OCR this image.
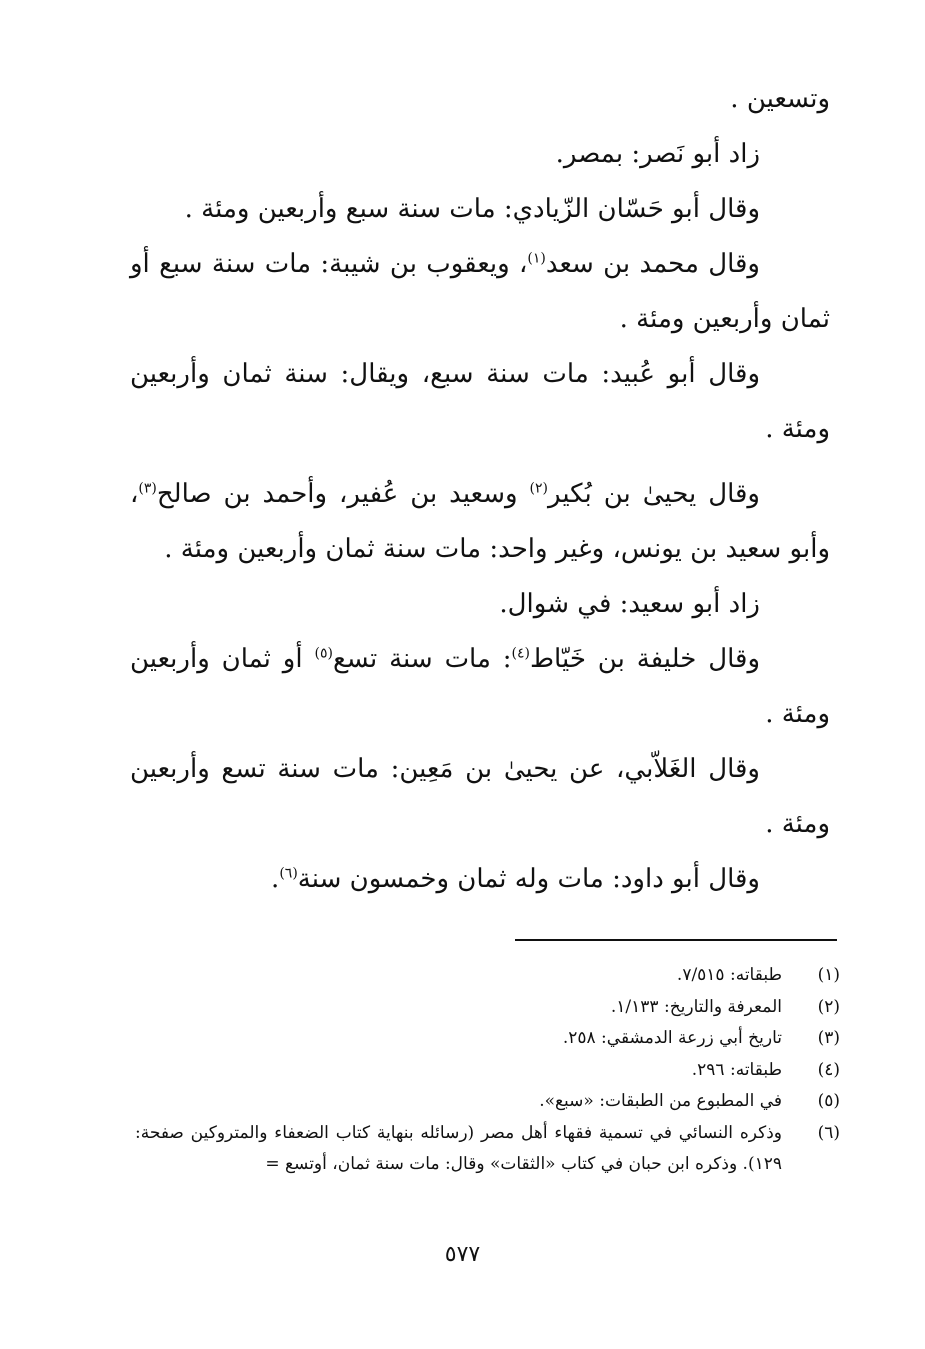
وتسعين .

زاد أبو نَصر: بمصر.

وقال أبو حَسّان الزّيادي: مات سنة سبع وأربعين ومئة .

وقال محمد بن سعد$^{(١)}$، ويعقوب بن شيبة: مات سنة سبع أو ثمان وأربعين ومئة .

وقال أبو عُبيد: مات سنة سبع، ويقال: سنة ثمان وأربعين ومئة .

وقال يحيىٰ بن بُكير$^{(٢)}$ وسعيد بن عُفير، وأحمد بن صالح$^{(٣)}$، وأبو سعيد بن يونس، وغير واحد: مات سنة ثمان وأربعين ومئة .

زاد أبو سعيد: في شوال.

وقال خليفة بن خَيّاط$^{(٤)}$: مات سنة تسع$^{(٥)}$ أو ثمان وأربعين ومئة .

وقال الغَلاّبي، عن يحيىٰ بن مَعِين: مات سنة تسع وأربعين ومئة .

وقال أبو داود: مات وله ثمان وخمسون سنة$^{(٦)}$.

(١)
طبقاته: ٧/٥١٥.
(٢)
المعرفة والتاريخ: ١/١٣٣.
(٣)
تاريخ أبي زرعة الدمشقي: ٢٥٨.
(٤)
طبقاته: ٢٩٦.
(٥)
في المطبوع من الطبقات: «سبع».
(٦)
وذكره النسائي في تسمية فقهاء أهل مصر (رسائله بنهاية كتاب الضعفاء والمتروكين صفحة: ١٢٩). وذكره ابن حبان في كتاب «الثقات» وقال: مات سنة ثمان، أوتسع =
٥٧٧
